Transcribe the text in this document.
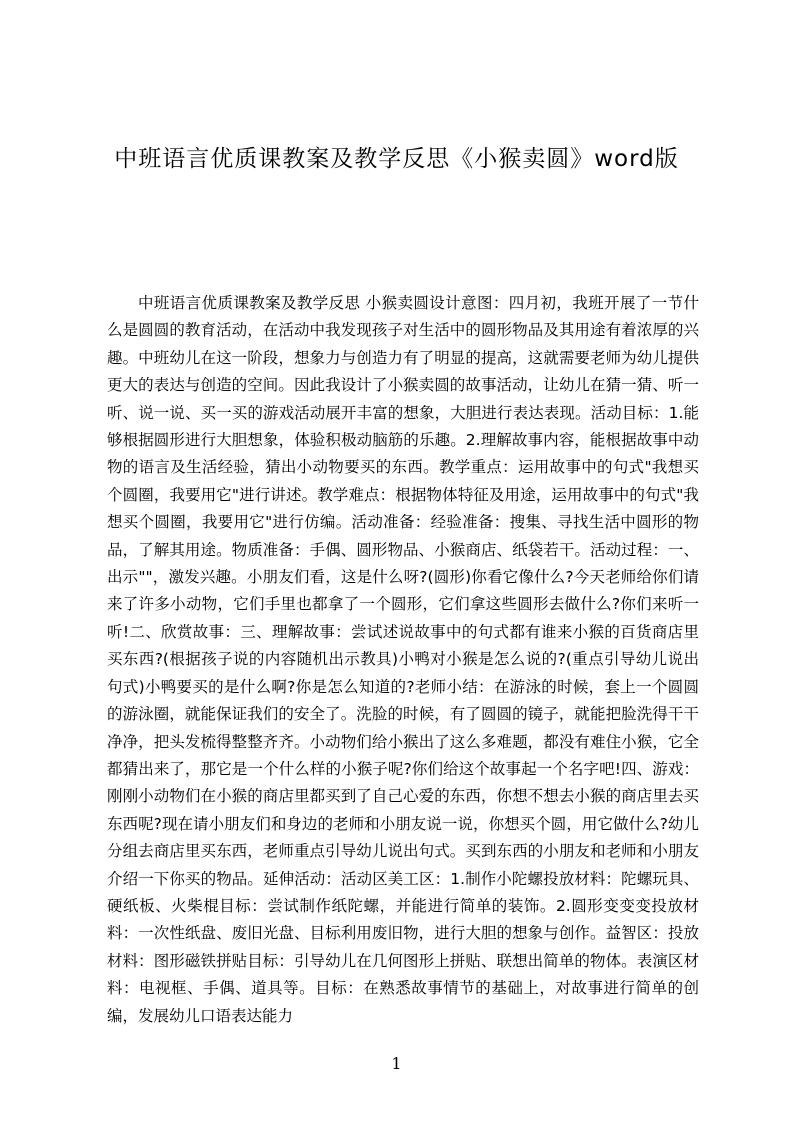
中班语言优质课教案及教学反思《小猴卖圆》word版

中班语言优质课教案及教学反思 小猴卖圆设计意图：四月初，我班开展了一节什么是圆圆的教育活动，在活动中我发现孩子对生活中的圆形物品及其用途有着浓厚的兴趣。中班幼儿在这一阶段，想象力与创造力有了明显的提高，这就需要老师为幼儿提供更大的表达与创造的空间。因此我设计了小猴卖圆的故事活动，让幼儿在猜一猜、听一听、说一说、买一买的游戏活动展开丰富的想象，大胆进行表达表现。活动目标：1.能够根据圆形进行大胆想象，体验积极动脑筋的乐趣。2.理解故事内容，能根据故事中动物的语言及生活经验，猜出小动物要买的东西。教学重点：运用故事中的句式"我想买个圆圈，我要用它"进行讲述。教学难点：根据物体特征及用途，运用故事中的句式"我想买个圆圈，我要用它"进行仿编。活动准备：经验准备：搜集、寻找生活中圆形的物品，了解其用途。物质准备：手偶、圆形物品、小猴商店、纸袋若干。活动过程：一、出示""，激发兴趣。小朋友们看，这是什么呀?(圆形)你看它像什么?今天老师给你们请来了许多小动物，它们手里也都拿了一个圆形，它们拿这些圆形去做什么?你们来听一听!二、欣赏故事：三、理解故事：尝试述说故事中的句式都有谁来小猴的百货商店里买东西?(根据孩子说的内容随机出示教具)小鸭对小猴是怎么说的?(重点引导幼儿说出句式)小鸭要买的是什么啊?你是怎么知道的?老师小结：在游泳的时候，套上一个圆圆的游泳圈，就能保证我们的安全了。洗脸的时候，有了圆圆的镜子，就能把脸洗得干干净净，把头发梳得整整齐齐。小动物们给小猴出了这么多难题，都没有难住小猴，它全都猜出来了，那它是一个什么样的小猴子呢?你们给这个故事起一个名字吧!四、游戏：刚刚小动物们在小猴的商店里都买到了自己心爱的东西，你想不想去小猴的商店里去买东西呢?现在请小朋友们和身边的老师和小朋友说一说，你想买个圆，用它做什么?幼儿分组去商店里买东西，老师重点引导幼儿说出句式。买到东西的小朋友和老师和小朋友介绍一下你买的物品。延伸活动：活动区美工区：1.制作小陀螺投放材料：陀螺玩具、硬纸板、火柴棍目标：尝试制作纸陀螺，并能进行简单的装饰。2.圆形变变变投放材料：一次性纸盘、废旧光盘、目标利用废旧物，进行大胆的想象与创作。益智区：投放材料：图形磁铁拼贴目标：引导幼儿在几何图形上拼贴、联想出简单的物体。表演区材料：电视框、手偶、道具等。目标：在熟悉故事情节的基础上，对故事进行简单的创编，发展幼儿口语表达能力

1
